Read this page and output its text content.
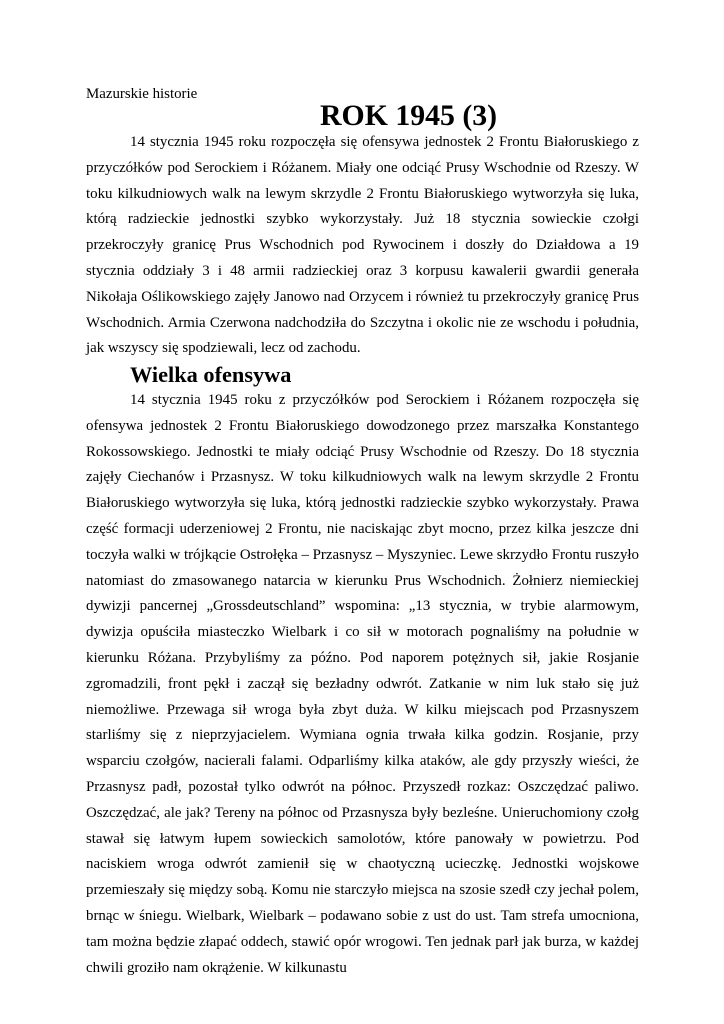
Mazurskie historie

ROK 1945 (3)

14 stycznia 1945 roku rozpoczęła się ofensywa jednostek 2 Frontu Białoruskiego z przyczółków pod Serockiem i Różanem. Miały one odciąć Prusy Wschodnie od Rzeszy. W toku kilkudniowych walk na lewym skrzydle 2 Frontu Białoruskiego wytworzyła się luka, którą radzieckie jednostki szybko wykorzystały. Już 18 stycznia sowieckie czołgi przekroczyły granicę Prus Wschodnich pod Rywocinem i doszły do Działdowa a 19 stycznia oddziały 3 i 48 armii radzieckiej oraz 3 korpusu kawalerii gwardii generała Nikołaja Oślikowskiego zajęły Janowo nad Orzycem i również tu przekroczyły granicę Prus Wschodnich. Armia Czerwona nadchodziła do Szczytna i okolic nie ze wschodu i południa, jak wszyscy się spodziewali, lecz od zachodu.

Wielka ofensywa

14 stycznia 1945 roku z przyczółków pod Serockiem i Różanem rozpoczęła się ofensywa jednostek 2 Frontu Białoruskiego dowodzonego przez marszałka Konstantego Rokossowskiego. Jednostki te miały odciąć Prusy Wschodnie od Rzeszy. Do 18 stycznia zajęły Ciechanów i Przasnysz. W toku kilkudniowych walk na lewym skrzydle 2 Frontu Białoruskiego wytworzyła się luka, którą jednostki radzieckie szybko wykorzystały. Prawa część formacji uderzeniowej 2 Frontu, nie naciskając zbyt mocno, przez kilka jeszcze dni toczyła walki w trójkącie Ostrołęka – Przasnysz – Myszyniec. Lewe skrzydło Frontu ruszyło natomiast do zmasowanego natarcia w kierunku Prus Wschodnich. Żołnierz niemieckiej dywizji pancernej „Grossdeutschland” wspomina: „13 stycznia, w trybie alarmowym, dywizja opuściła miasteczko Wielbark i co sił w motorach pognaliśmy na południe w kierunku Różana. Przybyliśmy za późno. Pod naporem potężnych sił, jakie Rosjanie zgromadzili, front pękł i zaczął się bezładny odwrót. Zatkanie w nim luk stało się już niemożliwe. Przewaga sił wroga była zbyt duża. W kilku miejscach pod Przasnyszem starliśmy się z nieprzyjacielem. Wymiana ognia trwała kilka godzin. Rosjanie, przy wsparciu czołgów, nacierali falami. Odparliśmy kilka ataków, ale gdy przyszły wieści, że Przasnysz padł, pozostał tylko odwrót na północ. Przyszedł rozkaz: Oszczędzać paliwo. Oszczędzać, ale jak? Tereny na północ od Przasnysza były bezleśne. Unieruchomiony czołg stawał się łatwym łupem sowieckich samolotów, które panowały w powietrzu. Pod naciskiem wroga odwrót zamienił się w chaotyczną ucieczkę. Jednostki wojskowe przemieszały się między sobą. Komu nie starczyło miejsca na szosie szedł czy jechał polem, brnąc w śniegu. Wielbark, Wielbark – podawano sobie z ust do ust. Tam strefa umocniona, tam można będzie złapać oddech, stawić opór wrogowi. Ten jednak parł jak burza, w każdej chwili groziło nam okrążenie. W kilkunastu
